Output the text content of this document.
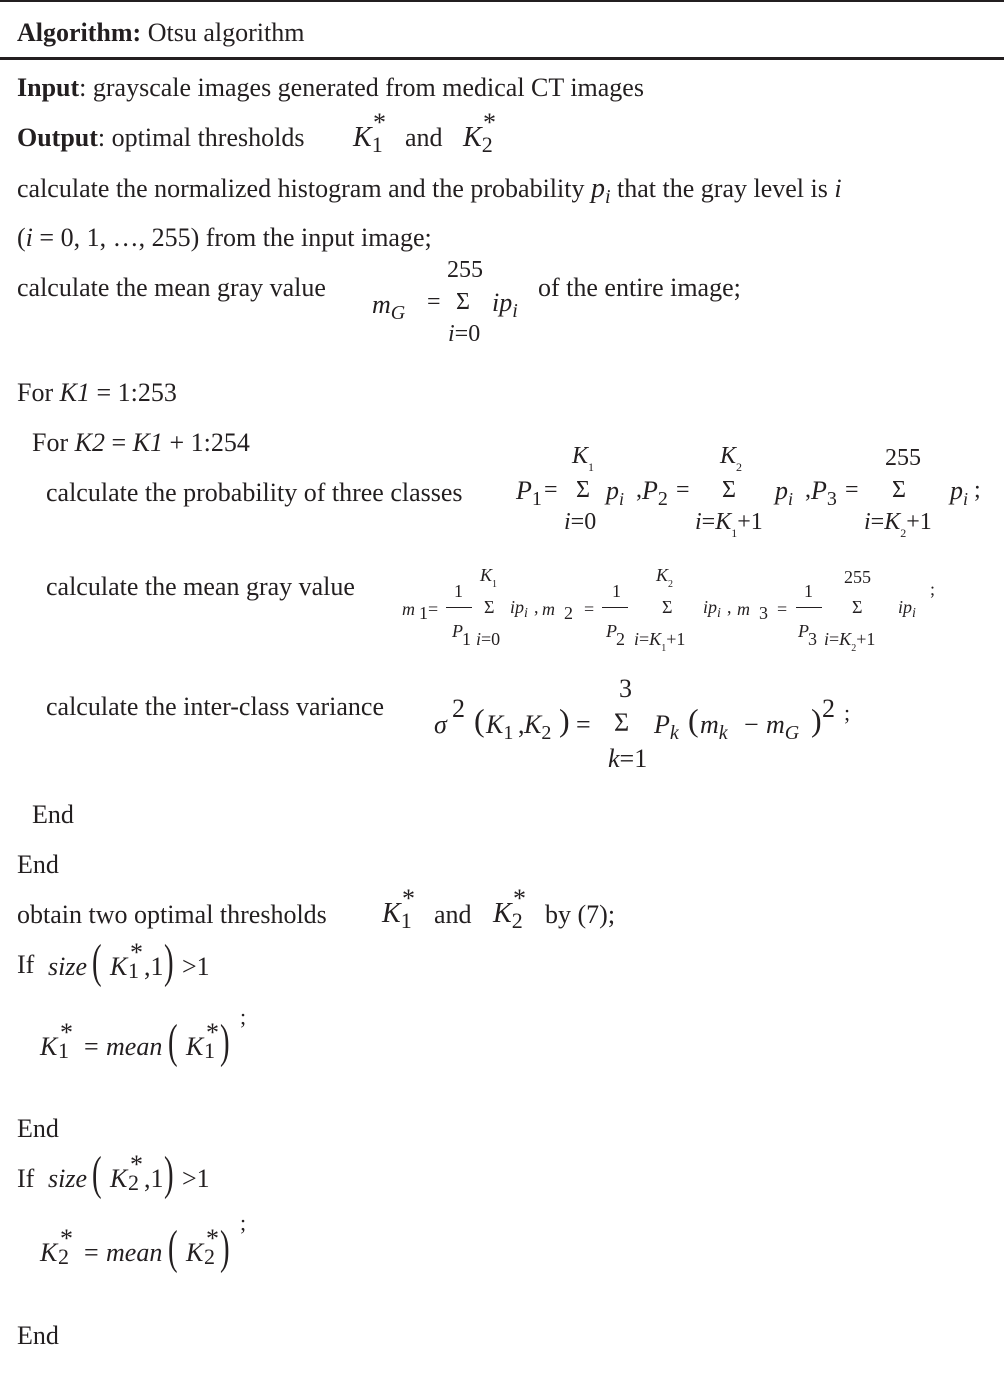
Algorithm: Otsu algorithm
Input: grayscale images generated from medical CT images
Output: optimal thresholds $K_1$
*
and $K_2$
*
calculate the normalized histogram and the probability $p_i$ that the gray level is i
(i = 0, 1, …, 255) from the input image;
calculate the mean gray value
255
$m_G = \Sigma$ $ip_i$
i=0
of the entire image;
For K1 = 1:253
For K2 = K1 + 1:254
calculate the probability of three classes
$K_1$
$P_1 = \Sigma$ $p_i$ , $P_2$ =
i=0
$K_2$
Σ $p_i$ , $P_3$ =
$i=K_1+1$
255
Σ $p_i$ ;
$i=K_2+1$
calculate the mean gray value
m 1 =
1
P 1
$K_1$
Σ $ip_i$ , m 2 =
i=0
1
P 2
$K_2$
Σ $ip_i$ , m 3 =
$i=K_1+1$
1
P 3
255
Σ $ip_i$
;
$i=K_2+1$
calculate the inter-class variance
σ
2 ( $K_1$ , $K_2$ ) =
3
Σ
k=1
$P_k$ ( $m_k - m_G$ ) 2 ;
End
End
obtain two optimal thresholds $K_1$
*
and $K_2$
*
by (7);
If size ( K 1
* ,1 ) >1
K 1
* = mean ( K 1
* ) ;
End
If size ( K 2
* ,1 ) >1
K 2
* = mean ( K 2
* ) ;
End
